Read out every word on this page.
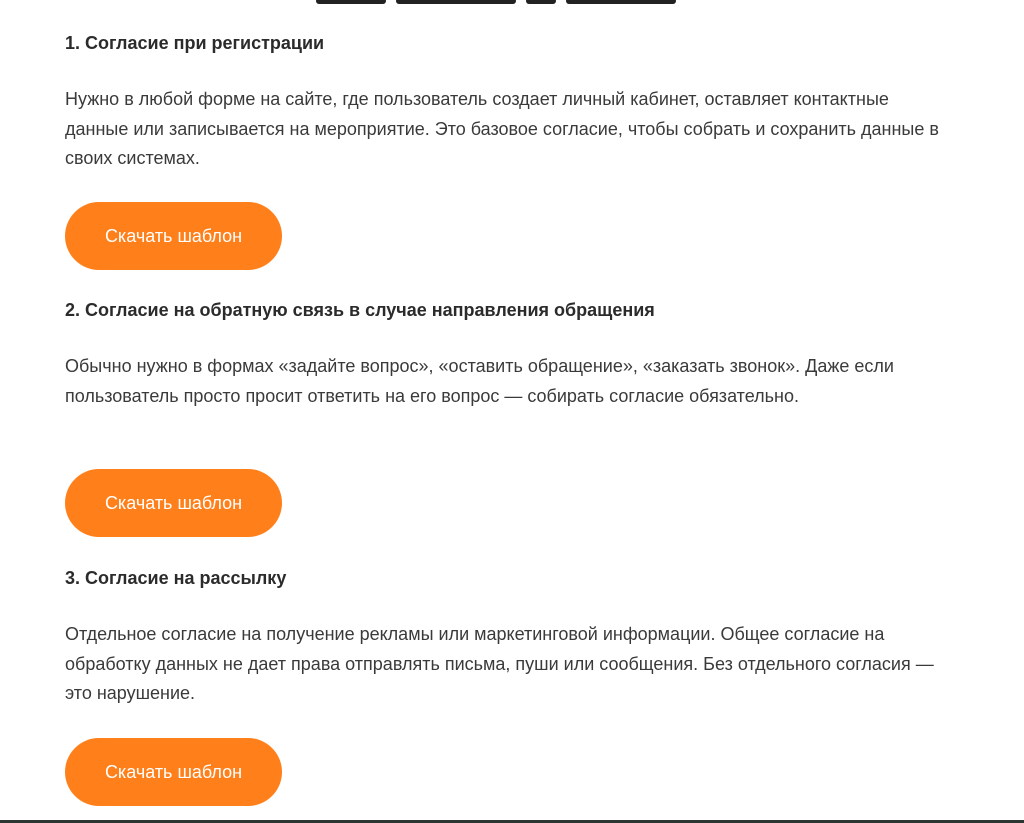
1. Согласие при регистрации

Нужно в любой форме на сайте, где пользователь создает личный кабинет, оставляет контактные данные или записывается на мероприятие. Это базовое согласие, чтобы собрать и сохранить данные в своих системах.

Скачать шаблон
2. Согласие на обратную связь в случае направления обращения

Обычно нужно в формах «задайте вопрос», «оставить обращение», «заказать звонок». Даже если пользователь просто просит ответить на его вопрос — собирать согласие обязательно.

Скачать шаблон
3. Согласие на рассылку

Отдельное согласие на получение рекламы или маркетинговой информации. Общее согласие на обработку данных не дает права отправлять письма, пуши или сообщения. Без отдельного согласия — это нарушение.

Скачать шаблон
